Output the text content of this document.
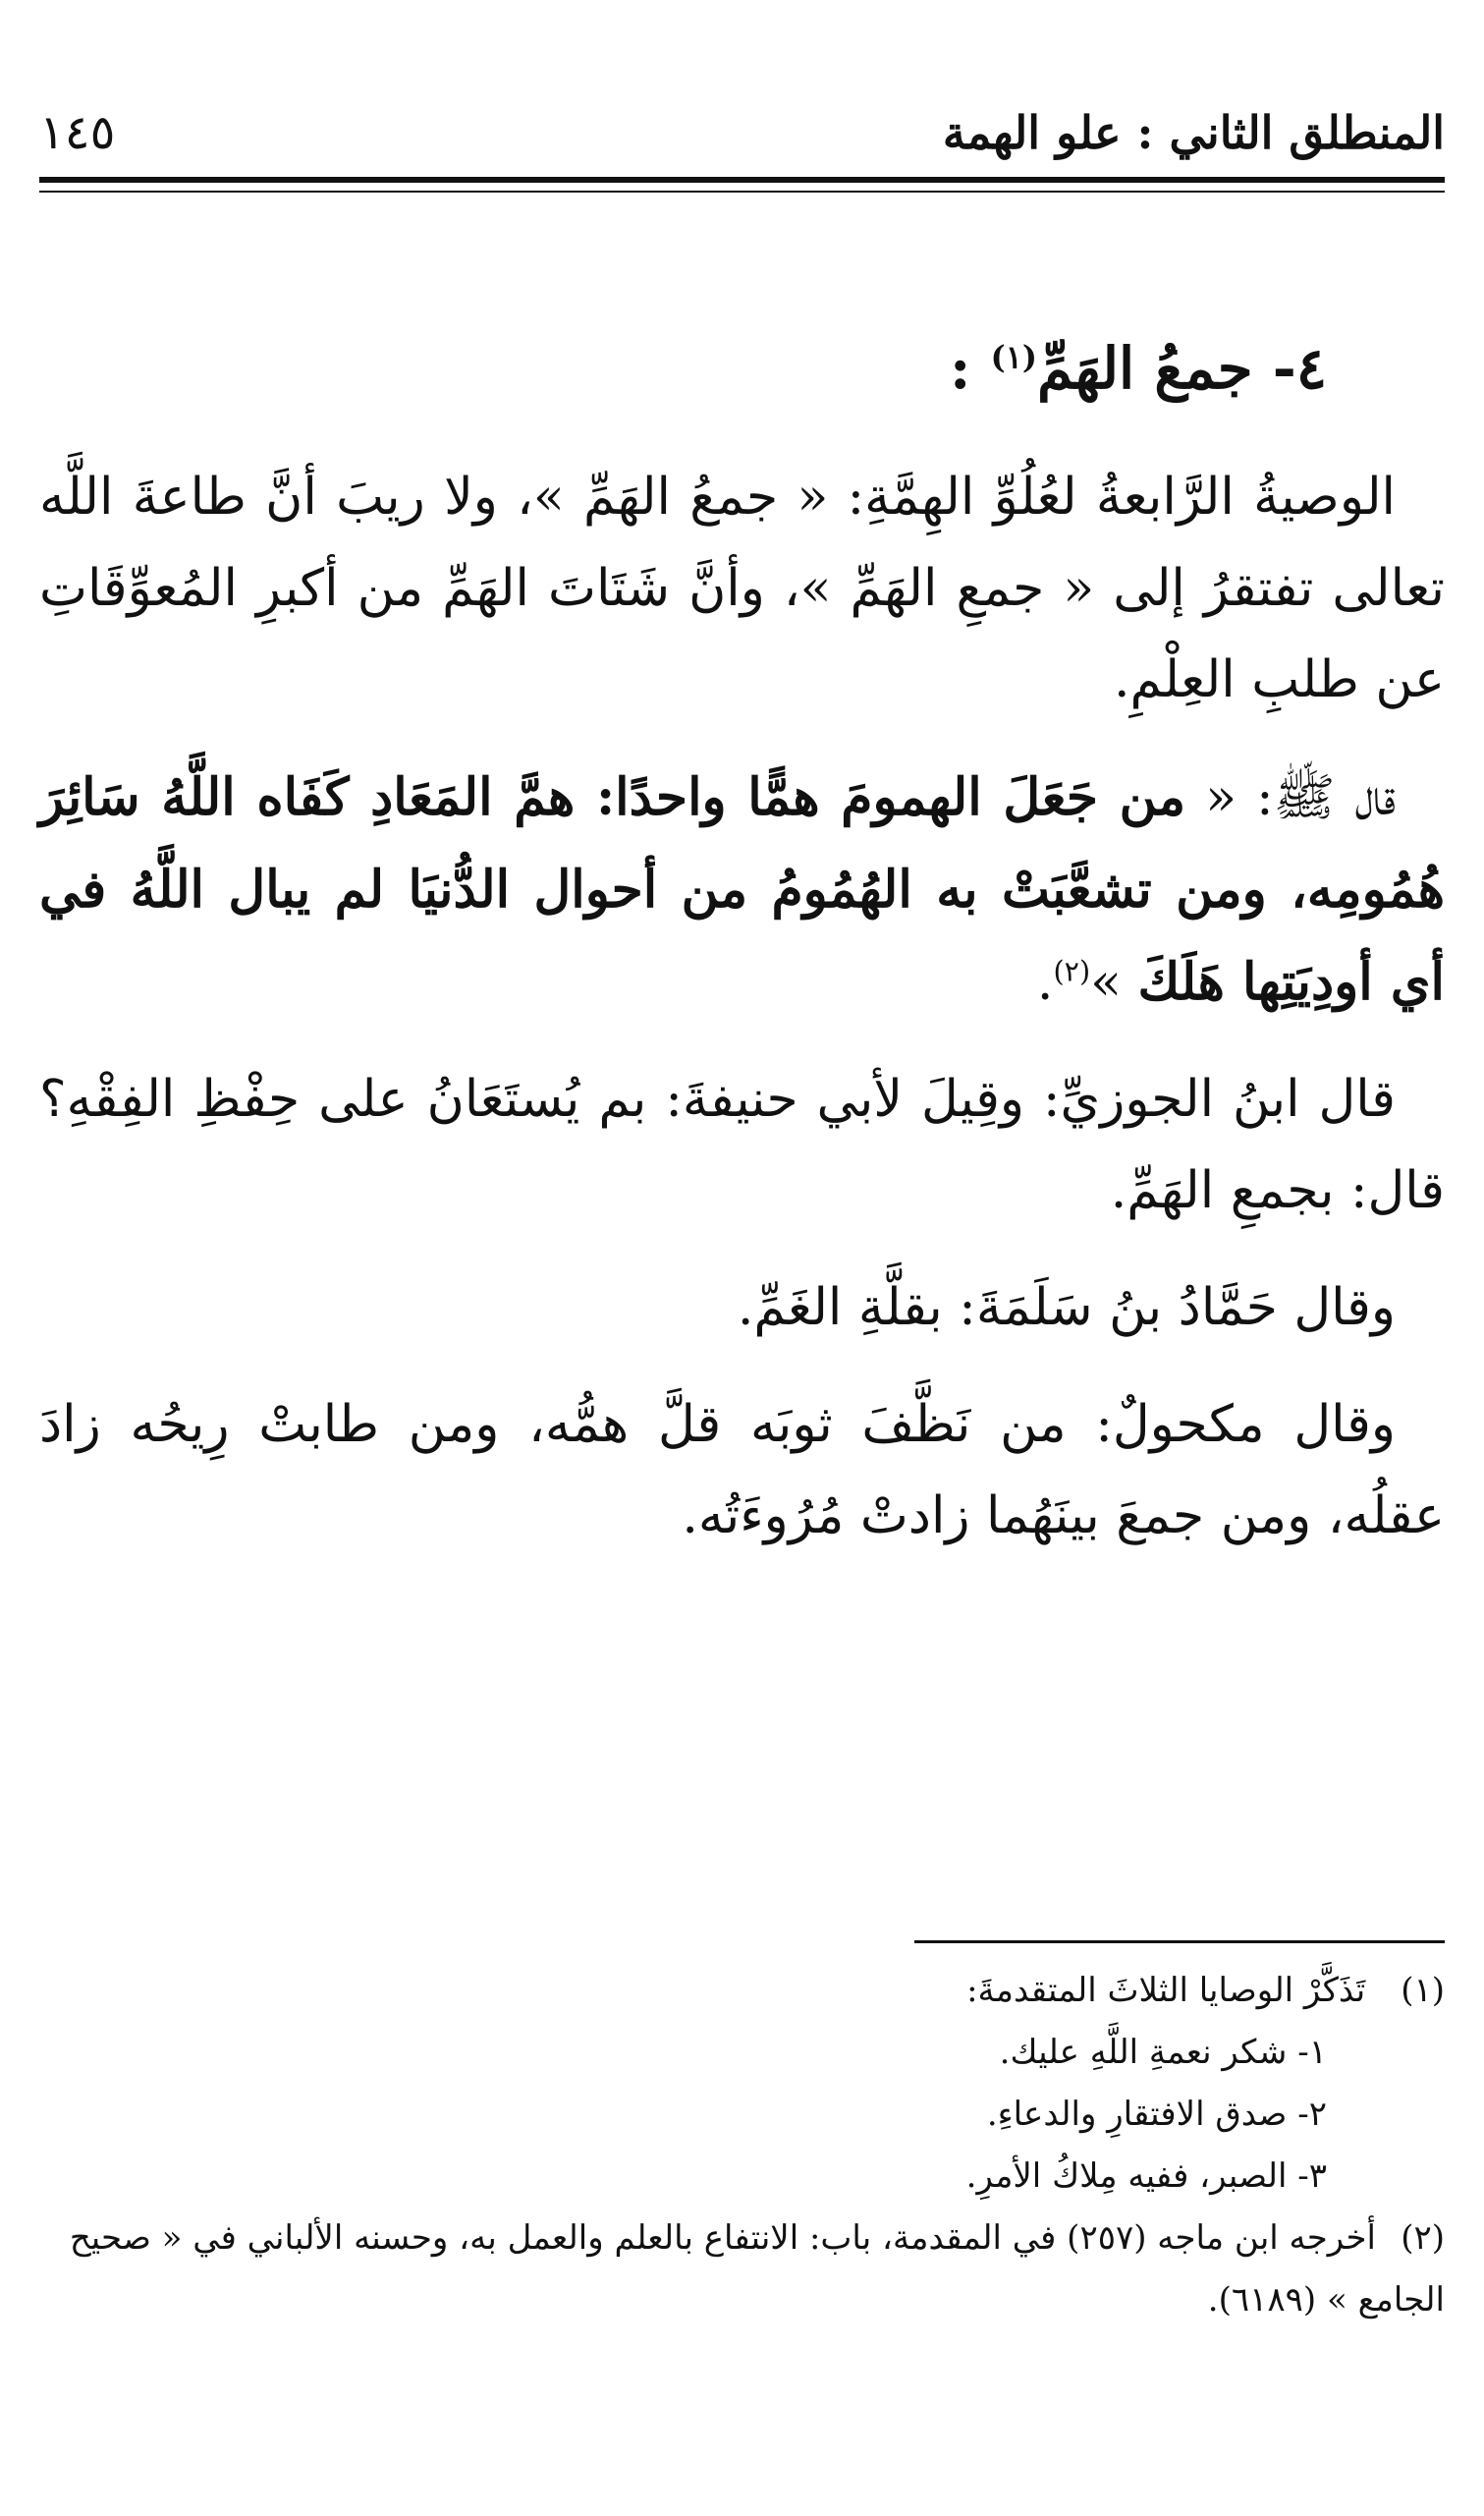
المنطلق الثاني : علو الهمة
١٤٥
٤- جمعُ الهَمِّ$^{(١)}$ :

الوصيةُ الرَّابعةُ لعُلُوِّ الهِمَّةِ: « جمعُ الهَمِّ »، ولا ريبَ أنَّ طاعةَ اللَّه تعالى تفتقرُ إلى « جمعِ الهَمِّ »، وأنَّ شَتَاتَ الهَمِّ من أكبرِ المُعوِّقَاتِ عن طلبِ العِلْمِ.

قال ﷺ: « من جَعَلَ الهمومَ همًّا واحدًا: همَّ المَعَادِ كَفَاه اللَّهُ سَائِرَ هُمُومِه، ومن تشعَّبَتْ به الهُمُومُ من أحوال الدُّنيَا لم يبال اللَّهُ في أي أودِيَتِها هَلَكَ »$^{(٢)}$.

قال ابنُ الجوزيِّ: وقِيلَ لأبي حنيفةَ: بم يُستَعَانُ على حِفْظِ الفِقْهِ؟ قال: بجمعِ الهَمِّ.

وقال حَمَّادُ بنُ سَلَمَةَ: بقلَّةِ الغَمِّ.

وقال مكحولٌ: من نَظَّفَ ثوبَه قلَّ همُّه، ومن طابتْ رِيحُه زادَ عقلُه، ومن جمعَ بينَهُما زادتْ مُرُوءَتُه.

(١) تَذَكَّرْ الوصايا الثلاثَ المتقدمةَ:

١- شكر نعمةِ اللَّهِ عليك.

٢- صدق الافتقارِ والدعاءِ.

٣- الصبر، ففيه مِلاكُ الأمرِ.

(٢)أخرجه ابن ماجه (٢٥٧) في المقدمة، باب: الانتفاع بالعلم والعمل به، وحسنه الألباني في « صحيح الجامع » (٦١٨٩).
